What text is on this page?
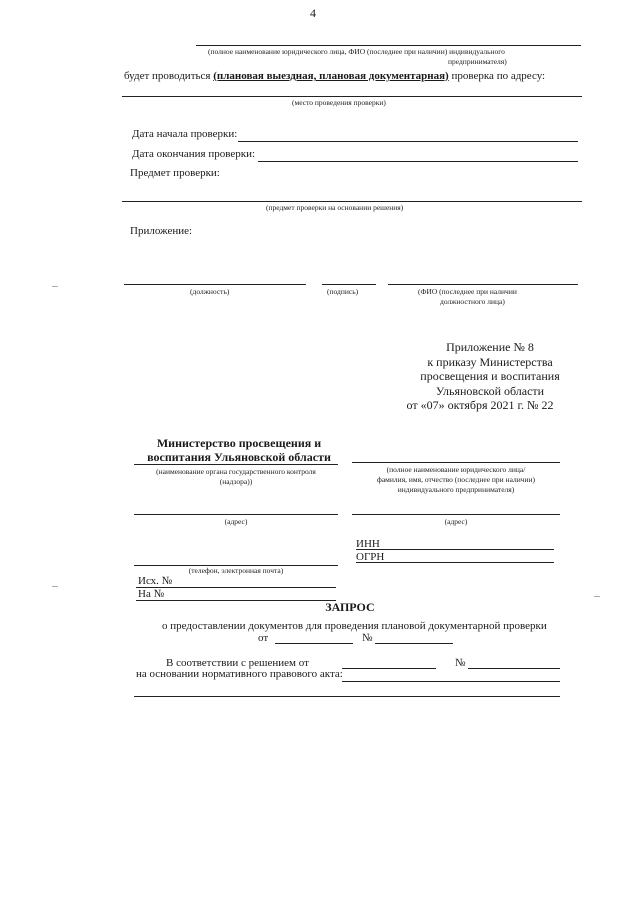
4
(полное наименование юридического лица, ФИО (последнее при наличии) индивидуального
предпринимателя)
будет проводиться (плановая выездная, плановая документарная) проверка по адресу:
(место проведения проверки)
Дата начала проверки:
Дата окончания проверки:
Предмет проверки:
(предмет проверки на основании решения)
Приложение:
(должность)	(подпись)	(ФИО (последнее при наличии
должностного лица)
Приложение № 8
к приказу Министерства
просвещения и воспитания
Ульяновской области
от «07» октября 2021 г. № 22
Министерство просвещения и
воспитания Ульяновской области
(наименование органа государственного контроля
(надзора))
(адрес)
(телефон, электронная почта)
Исх. №
На №
(полное наименование юридического лица/
фамилия, имя, отчество (последнее при наличии)
индивидуального предпринимателя)
(адрес)
ИНН
ОГРН
ЗАПРОС
о предоставлении документов для проведения плановой документарной проверки
от	№
В соответствии с решением от	№
на основании нормативного правового акта:
